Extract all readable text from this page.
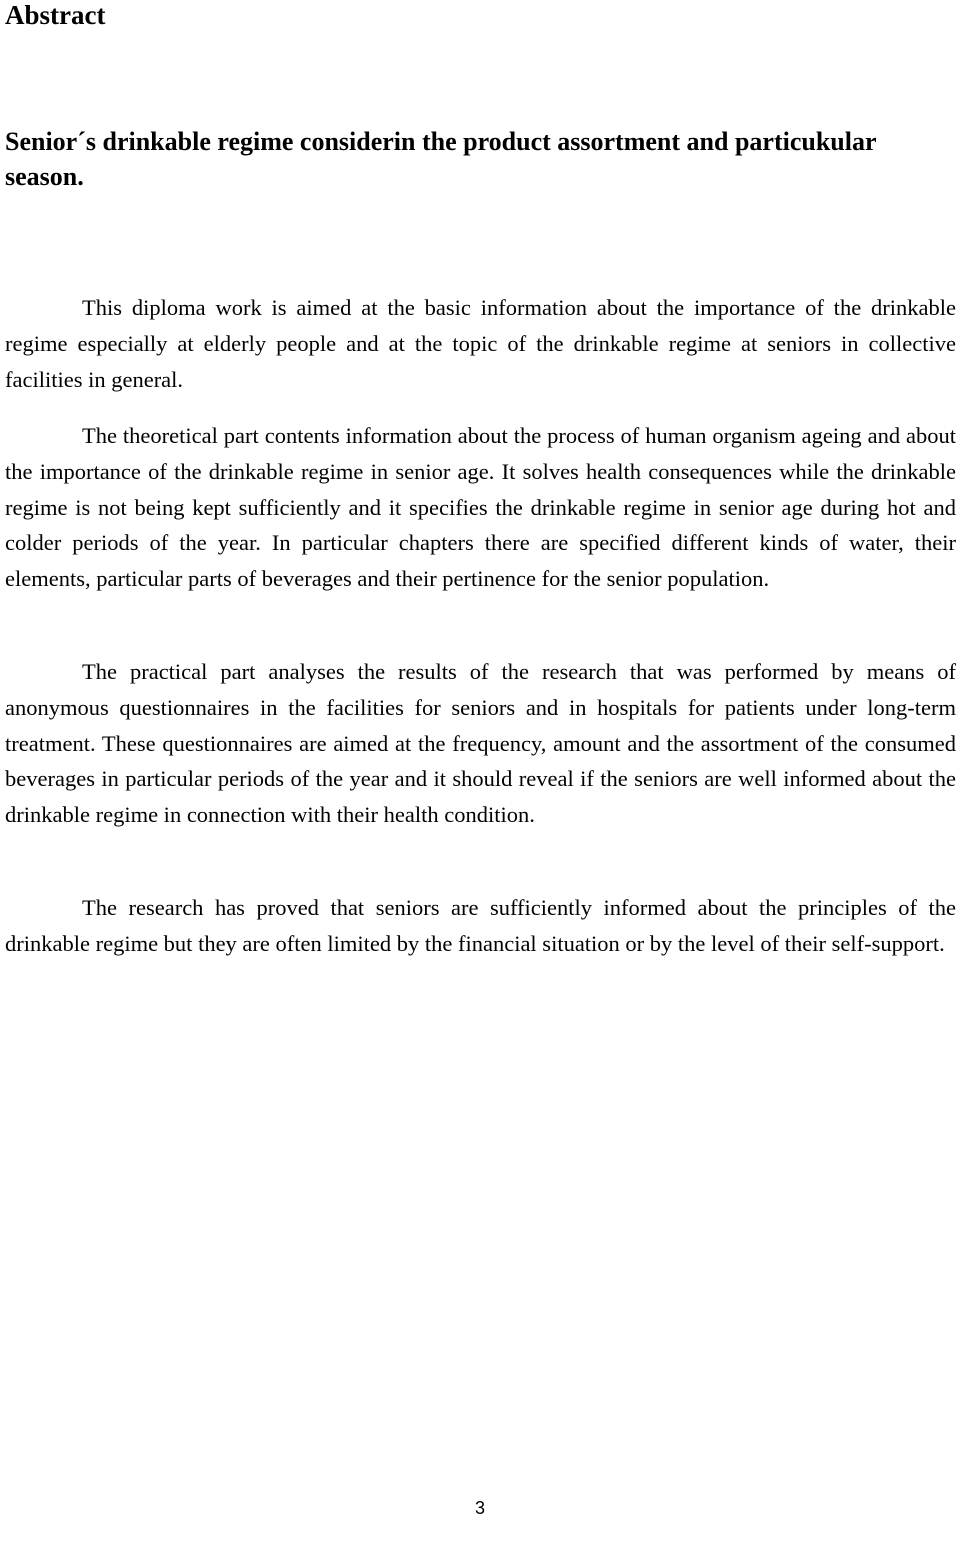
Abstract
Senior´s drinkable regime considerin the product assortment and particukular season.

This diploma work is aimed at the basic information about the importance of the drinkable regime especially at elderly people and at the topic of the drinkable regime at seniors in collective facilities in general.

The theoretical part contents information about the process of human organism ageing and about the importance of the drinkable regime in senior age. It solves health consequences while the drinkable regime is not being kept sufficiently and it specifies the drinkable regime in senior age during hot and colder periods of the year. In particular chapters there are specified different kinds of water, their elements, particular parts of beverages and their pertinence for the senior population.

The practical part analyses the results of the research that was performed by means of anonymous questionnaires in the facilities for seniors and in hospitals for patients under long-term treatment. These questionnaires are aimed at the frequency, amount and the assortment of the consumed beverages in particular periods of the year and it should reveal if the seniors are well informed about the drinkable regime in connection with their health condition.

The research has proved that seniors are sufficiently informed about the principles of the drinkable regime but they are often limited by the financial situation or by the level of their self-support.

3
